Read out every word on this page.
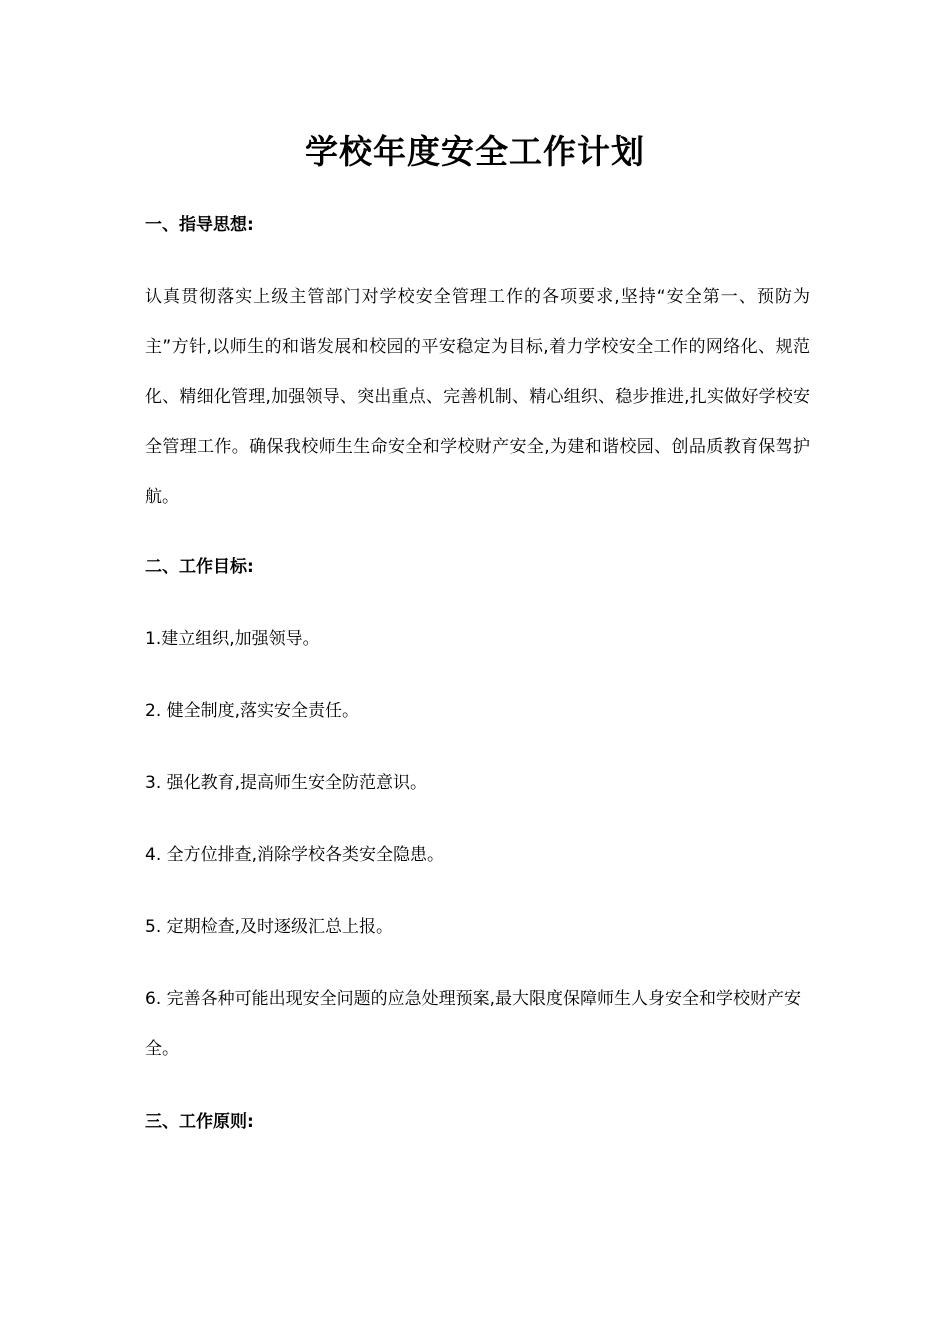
学校年度安全工作计划
一、指导思想:
认真贯彻落实上级主管部门对学校安全管理工作的各项要求,坚持“安全第一、预防为主”方针,以师生的和谐发展和校园的平安稳定为目标,着力学校安全工作的网络化、规范化、精细化管理,加强领导、突出重点、完善机制、精心组织、稳步推进,扎实做好学校安全管理工作。确保我校师生生命安全和学校财产安全,为建和谐校园、创品质教育保驾护航。
二、工作目标:
1.建立组织,加强领导。
2. 健全制度,落实安全责任。
3. 强化教育,提高师生安全防范意识。
4. 全方位排查,消除学校各类安全隐患。
5. 定期检查,及时逐级汇总上报。
6. 完善各种可能出现安全问题的应急处理预案,最大限度保障师生人身安全和学校财产安全。
三、工作原则:
